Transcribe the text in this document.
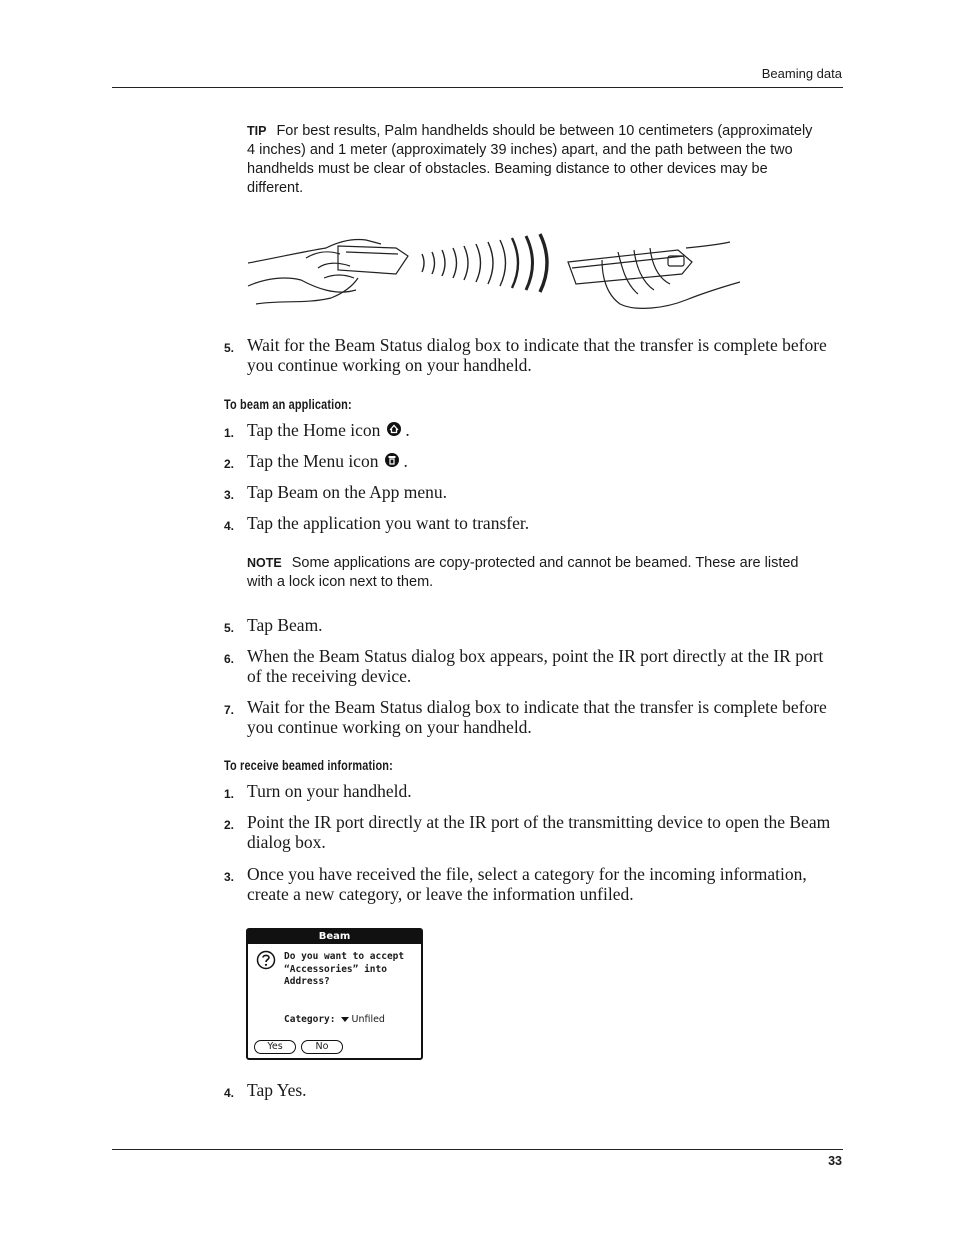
Beaming data
TIP For best results, Palm handhelds should be between 10 centimeters (approximately 4 inches) and 1 meter (approximately 39 inches) apart, and the path between the two handhelds must be clear of obstacles. Beaming distance to other devices may be different.
5. Wait for the Beam Status dialog box to indicate that the transfer is complete before you continue working on your handheld.
To beam an application:
1. Tap the Home icon .
2. Tap the Menu icon .
3. Tap Beam on the App menu.
4. Tap the application you want to transfer.
NOTE Some applications are copy-protected and cannot be beamed. These are listed with a lock icon next to them.
5. Tap Beam.
6. When the Beam Status dialog box appears, point the IR port directly at the IR port of the receiving device.
7. Wait for the Beam Status dialog box to indicate that the transfer is complete before you continue working on your handheld.
To receive beamed information:
1. Turn on your handheld.
2. Point the IR port directly at the IR port of the transmitting device to open the Beam dialog box.
3. Once you have received the file, select a category for the incoming information, create a new category, or leave the information unfiled.
Beam
Do you want to accept
“Accessories” into
Address?
Category: Unfiled
Yes	No
4. Tap Yes.
33
